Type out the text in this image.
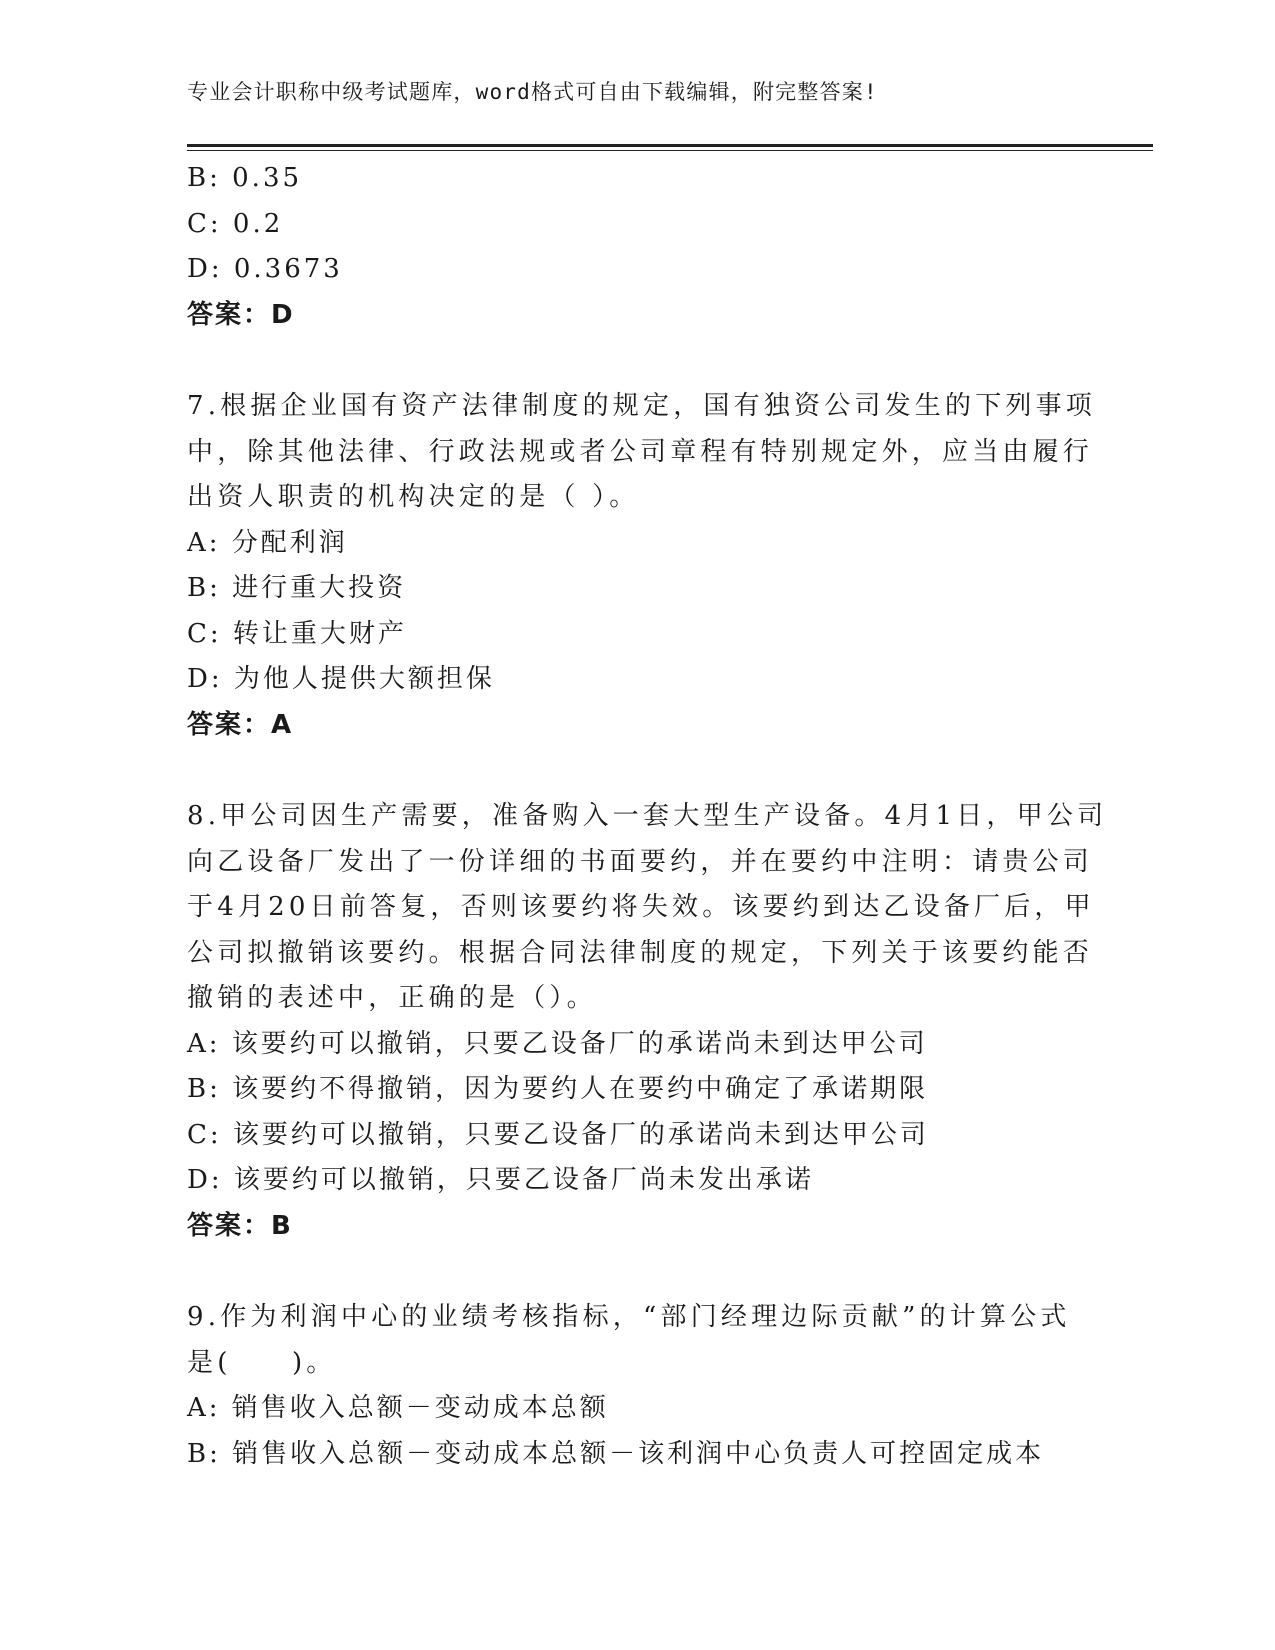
专业会计职称中级考试题库，word格式可自由下载编辑，附完整答案!
B: 0.35
C: 0.2
D: 0.3673
答案：D
7.根据企业国有资产法律制度的规定，国有独资公司发生的下列事项
中，除其他法律、行政法规或者公司章程有特别规定外，应当由履行
出资人职责的机构决定的是（ ）。
A: 分配利润
B: 进行重大投资
C: 转让重大财产
D: 为他人提供大额担保
答案：A
8.甲公司因生产需要，准备购入一套大型生产设备。4月1日，甲公司
向乙设备厂发出了一份详细的书面要约，并在要约中注明：请贵公司
于4月20日前答复，否则该要约将失效。该要约到达乙设备厂后，甲
公司拟撤销该要约。根据合同法律制度的规定，下列关于该要约能否
撤销的表述中，正确的是（）。
A: 该要约可以撤销，只要乙设备厂的承诺尚未到达甲公司
B: 该要约不得撤销，因为要约人在要约中确定了承诺期限
C: 该要约可以撤销，只要乙设备厂的承诺尚未到达甲公司
D: 该要约可以撤销，只要乙设备厂尚未发出承诺
答案：B
9.作为利润中心的业绩考核指标，“部门经理边际贡献”的计算公式
是(　　)。
A: 销售收入总额－变动成本总额
B: 销售收入总额－变动成本总额－该利润中心负责人可控固定成本
